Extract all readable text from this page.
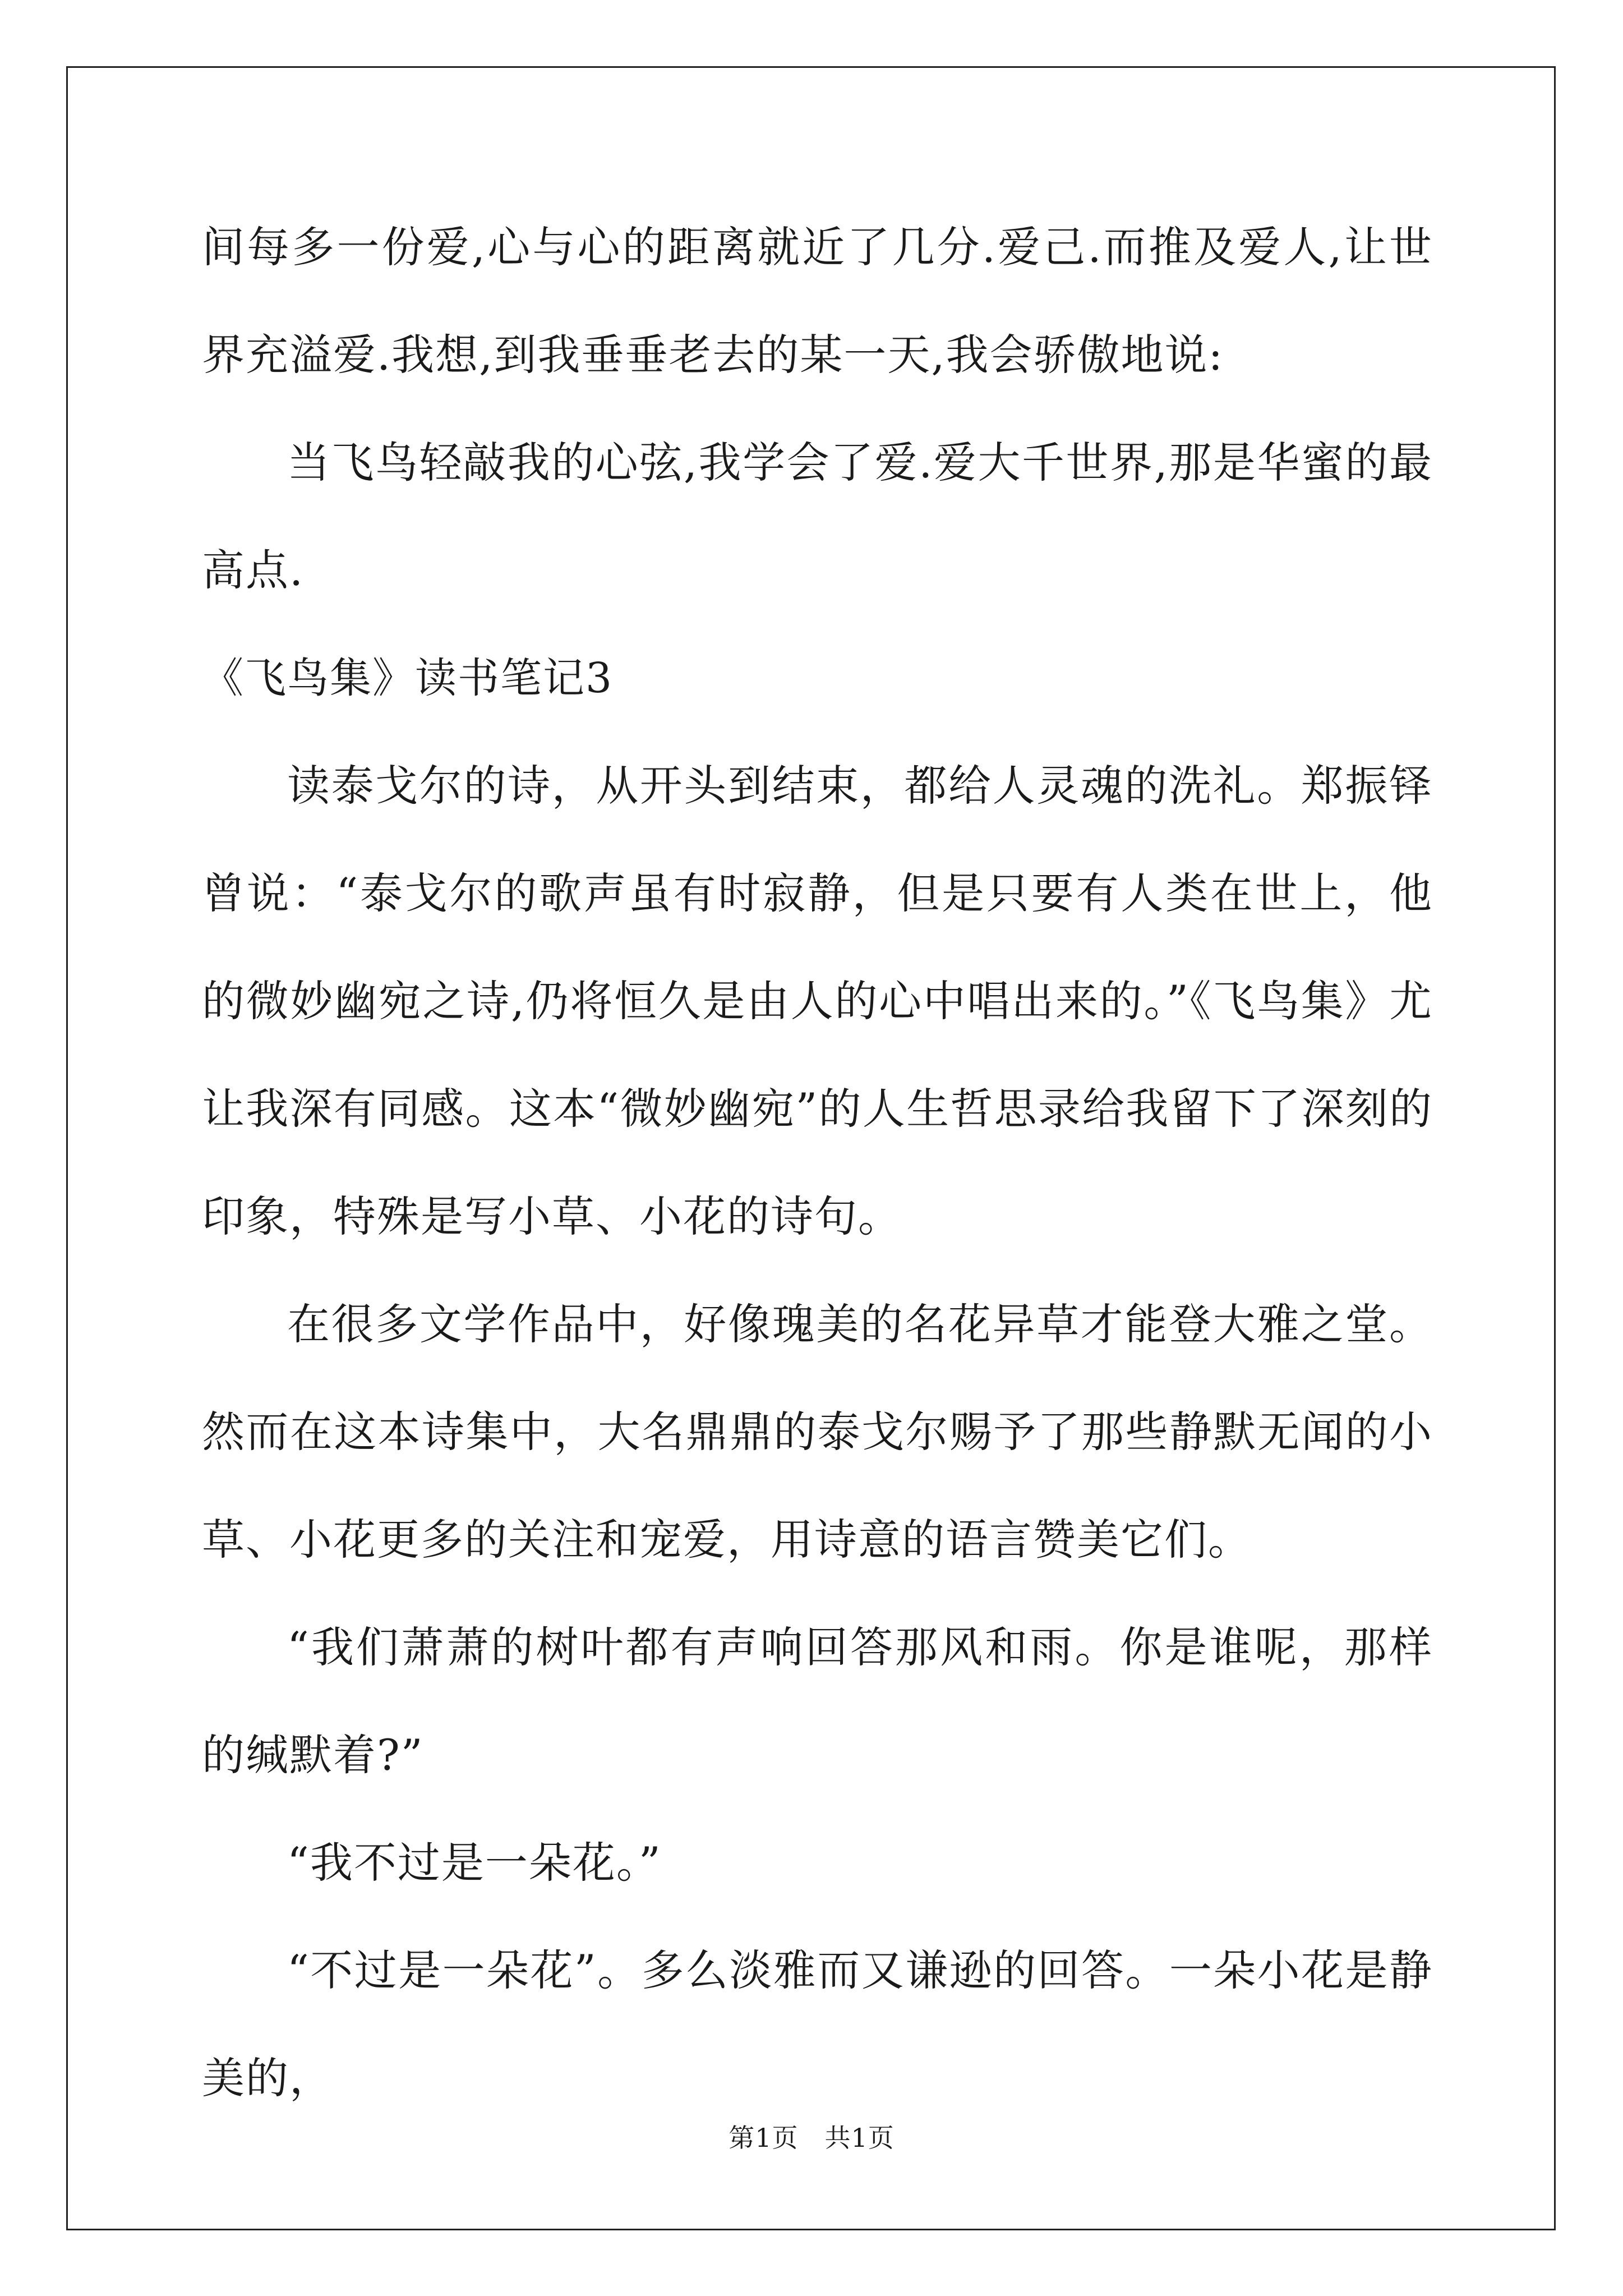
间每多一份爱,心与心的距离就近了几分.爱己.而推及爱人,让世界充溢爱.我想,到我垂垂老去的某一天,我会骄傲地说:

当飞鸟轻敲我的心弦,我学会了爱.爱大千世界,那是华蜜的最高点.

《飞鸟集》读书笔记3

读泰戈尔的诗，从开头到结束，都给人灵魂的洗礼。郑振铎曾说：“泰戈尔的歌声虽有时寂静，但是只要有人类在世上，他的微妙幽宛之诗,仍将恒久是由人的心中唱出来的。”《飞鸟集》尤让我深有同感。这本“微妙幽宛”的人生哲思录给我留下了深刻的印象，特殊是写小草、小花的诗句。

在很多文学作品中，好像瑰美的名花异草才能登大雅之堂。然而在这本诗集中，大名鼎鼎的泰戈尔赐予了那些静默无闻的小草、小花更多的关注和宠爱，用诗意的语言赞美它们。

“我们萧萧的树叶都有声响回答那风和雨。你是谁呢，那样的缄默着?”

“我不过是一朵花。”

“不过是一朵花”。多么淡雅而又谦逊的回答。一朵小花是静美的，

第1页　共1页
